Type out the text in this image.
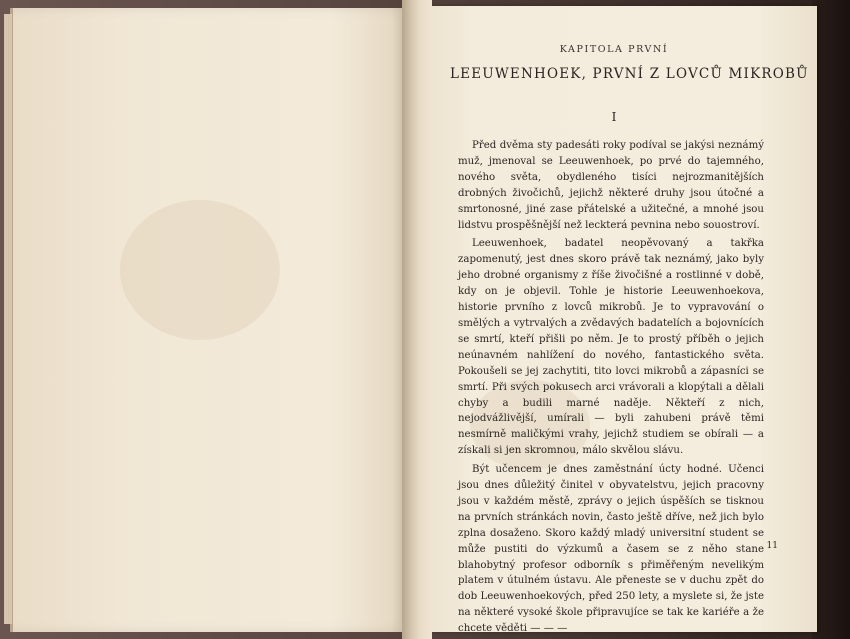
KAPITOLA PRVNÍ
LEEUWENHOEK, PRVNÍ Z LOVCŮ MIKROBŮ
I

Před dvěma sty padesáti roky podíval se jakýsi neznámý muž, jmenoval se Leeuwenhoek, po prvé do tajemného, nového světa, obydleného tisíci nejrozmanitějších drobných živočichů, jejichž některé druhy jsou útočné a smrtonosné, jiné zase přátelské a užitečné, a mnohé jsou lidstvu prospěšnější než leckterá pevnina nebo souostroví.

Leeuwenhoek, badatel neopěvovaný a takřka zapomenutý, jest dnes skoro právě tak neznámý, jako byly jeho drobné organismy z říše živočišné a rostlinné v době, kdy on je objevil. Tohle je historie Leeuwenhoekova, historie prvního z lovců mikrobů. Je to vypravování o smělých a vytrvalých a zvědavých badatelích a bojovnících se smrtí, kteří přišli po něm. Je to prostý příběh o jejich neúnavném nahlížení do nového, fantastického světa. Pokoušeli se jej zachytiti, tito lovci mikrobů a zápasníci se smrtí. Při svých pokusech arci vrávorali a klopýtali a dělali chyby a budili marné naděje. Někteří z nich, nejodvážlivější, umírali — byli zahubeni právě těmi nesmírně maličkými vrahy, jejichž studiem se obírali — a získali si jen skromnou, málo skvělou slávu.

Být učencem je dnes zaměstnání úcty hodné. Učenci jsou dnes důležitý činitel v obyvatelstvu, jejich pracovny jsou v každém městě, zprávy o jejich úspěších se tisknou na prvních stránkách novin, často ještě dříve, než jich bylo zplna dosaženo. Skoro každý mladý universitní student se může pustiti do výzkumů a časem se z něho stane blahobytný profesor odborník s přiměřeným nevelikým platem v útulném ústavu. Ale přeneste se v duchu zpět do dob Leeuwenhoekových, před 250 lety, a myslete si, že jste na některé vysoké škole připravujíce se tak ke kariéře a že chcete věděti — — —

11
